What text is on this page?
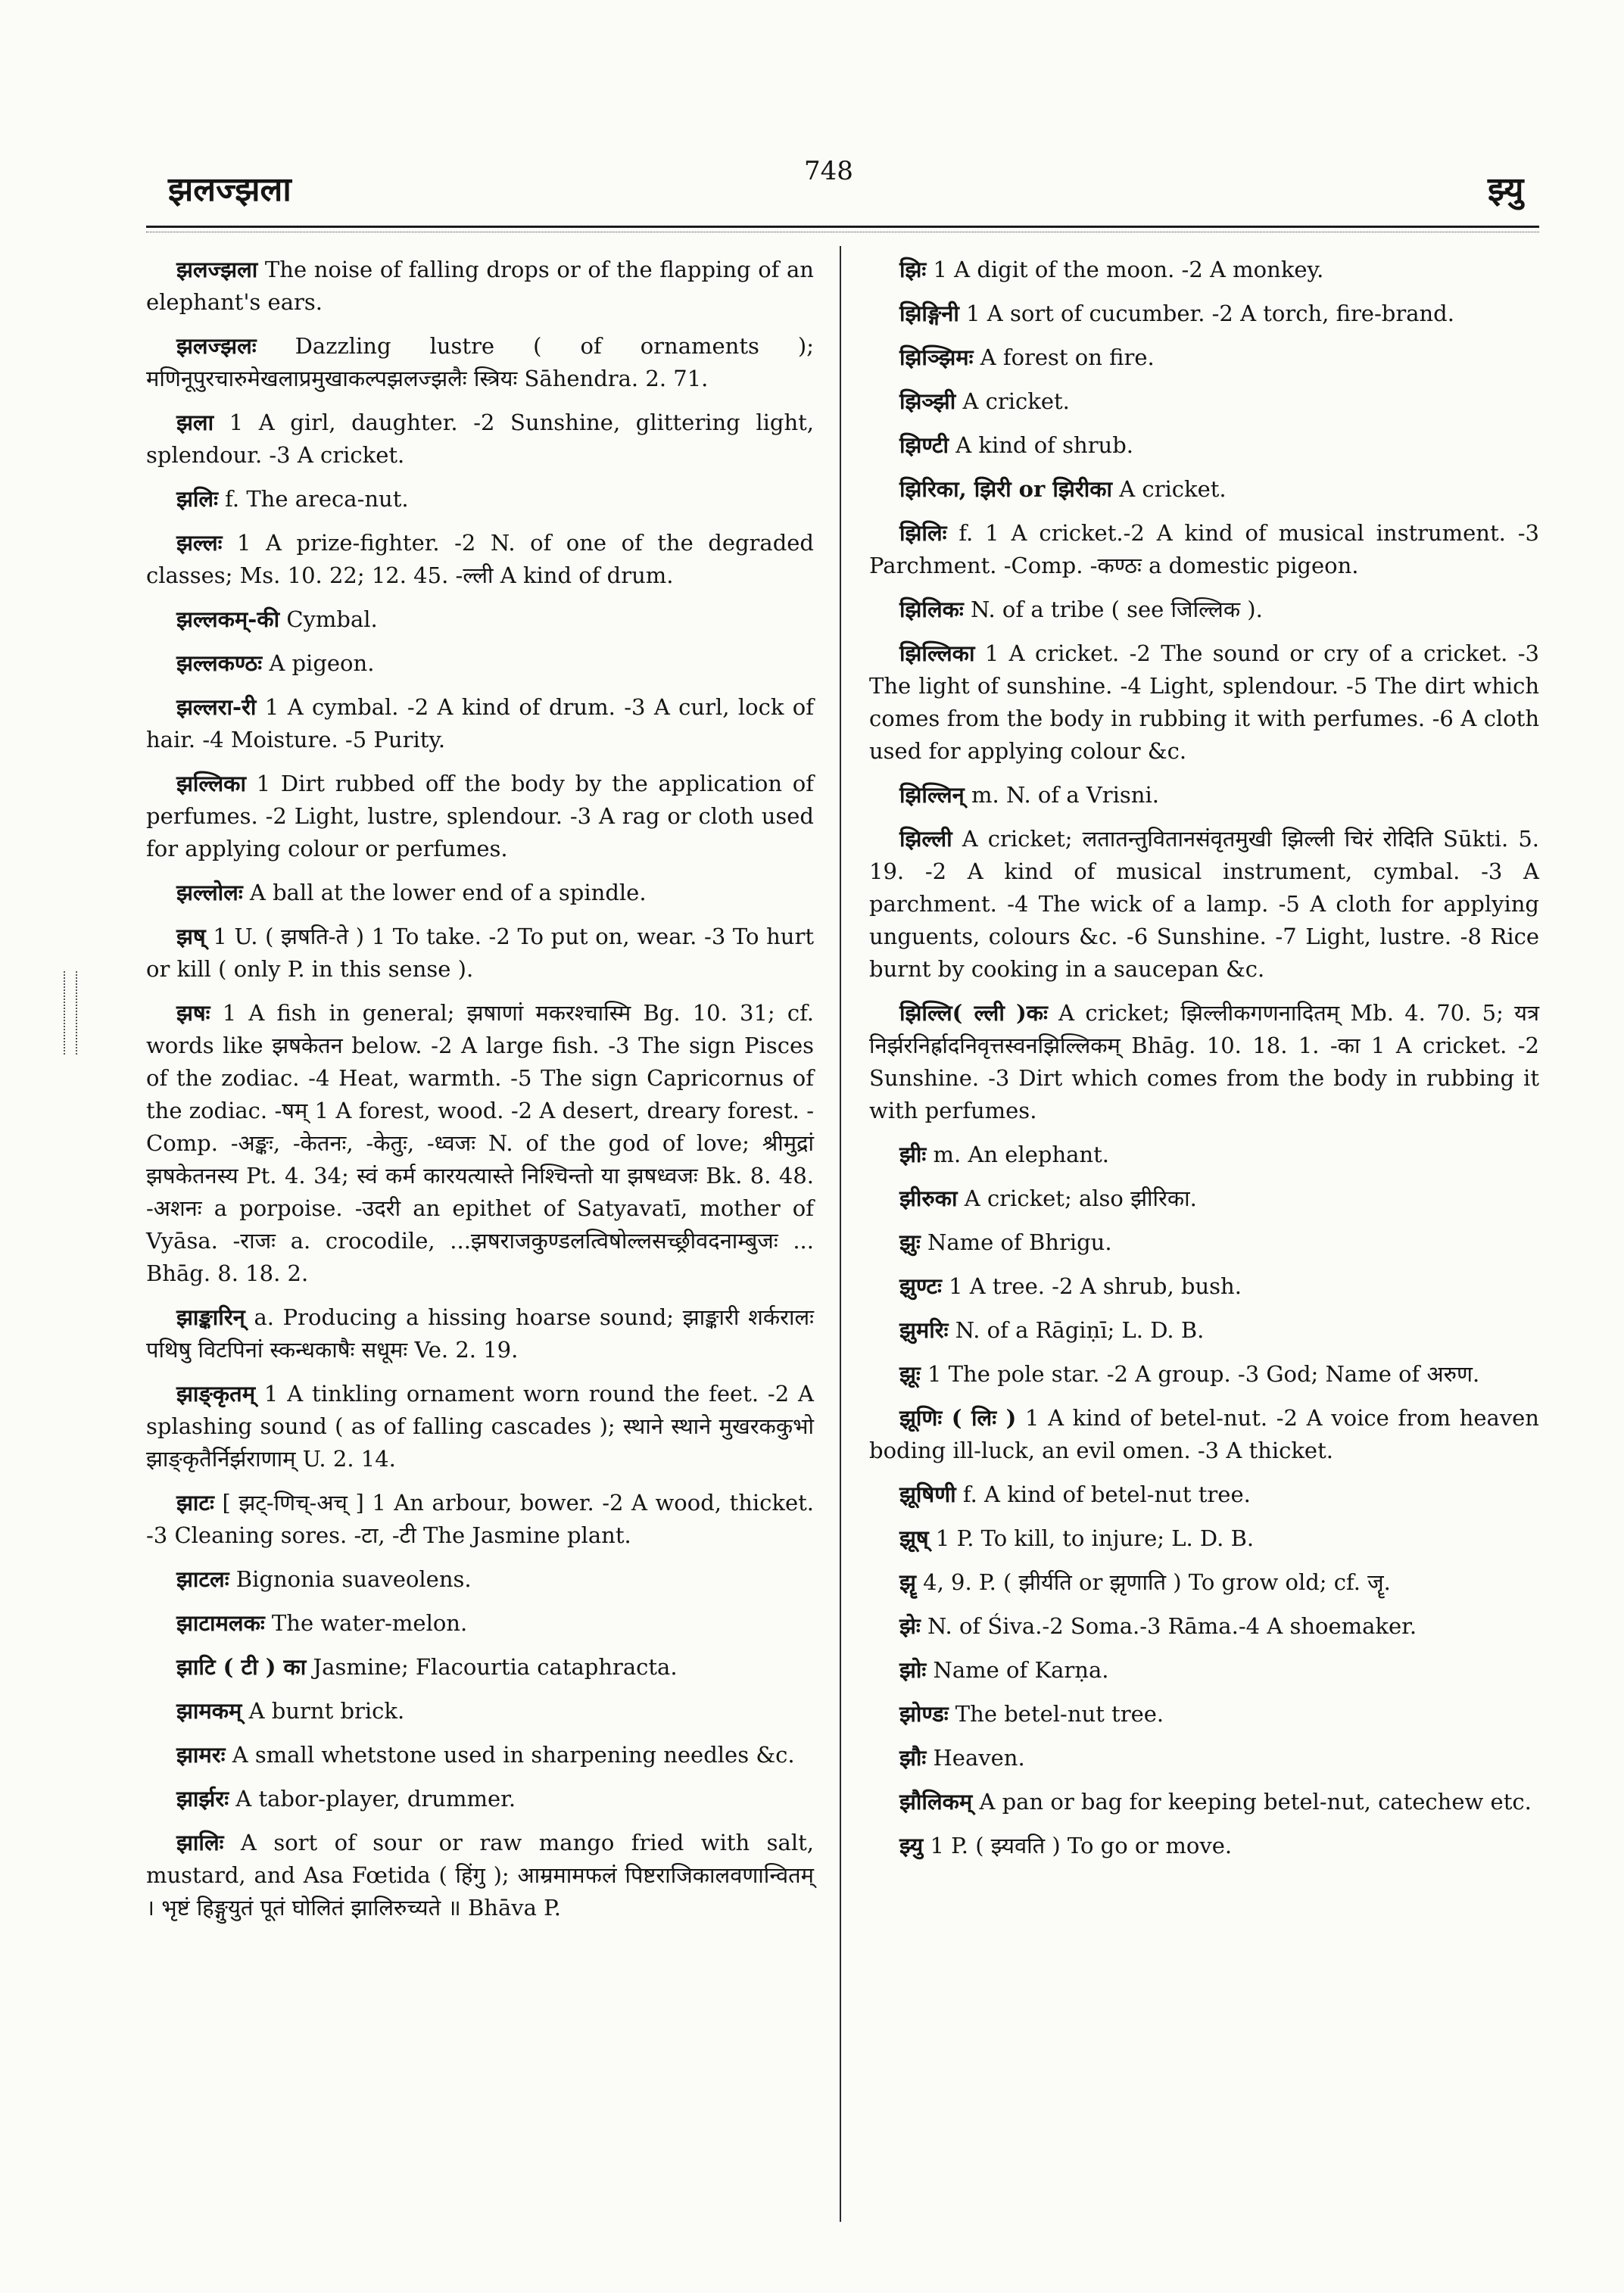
झलज्झला	748	झ्यु

झलज्झला The noise of falling drops or of the flapping of an elephant's ears.

झलज्झलः Dazzling lustre ( of ornaments ); मणिनूपुरचारुमेखलाप्रमुखाकल्पझलज्झलैः स्त्रियः Sāhendra. 2. 71.

झला 1 A girl, daughter. -2 Sunshine, glittering light, splendour. -3 A cricket.

झलिः f. The areca-nut.

झल्लः 1 A prize-fighter. -2 N. of one of the degraded classes; Ms. 10. 22; 12. 45. -ल्ली A kind of drum.

झल्लकम्-की Cymbal.

झल्लकण्ठः A pigeon.

झल्लरा-री 1 A cymbal. -2 A kind of drum. -3 A curl, lock of hair. -4 Moisture. -5 Purity.

झल्लिका 1 Dirt rubbed off the body by the application of perfumes. -2 Light, lustre, splendour. -3 A rag or cloth used for applying colour or perfumes.

झल्लोलः A ball at the lower end of a spindle.

झष् 1 U. ( झषति-ते ) 1 To take. -2 To put on, wear. -3 To hurt or kill ( only P. in this sense ).

झषः 1 A fish in general; झषाणां मकरश्चास्मि Bg. 10. 31; cf. words like झषकेतन below. -2 A large fish. -3 The sign Pisces of the zodiac. -4 Heat, warmth. -5 The sign Capricornus of the zodiac. -षम् 1 A forest, wood. -2 A desert, dreary forest. -Comp. -अङ्कः, -केतनः, -केतुः, -ध्वजः N. of the god of love; श्रीमुद्रां झषकेतनस्य Pt. 4. 34; स्वं कर्म कारयत्यास्ते निश्चिन्तो या झषध्वजः Bk. 8. 48. -अशनः a porpoise. -उदरी an epithet of Satyavatī, mother of Vyāsa. -राजः a. crocodile, ...झषराजकुण्डलत्विषोल्लसच्छ्रीवदनाम्बुजः ... Bhāg. 8. 18. 2.

झाङ्कारिन् a. Producing a hissing hoarse sound; झाङ्कारी शर्करालः पथिषु विटपिनां स्कन्धकाषैः सधूमः Ve. 2. 19.

झाङ्कृतम् 1 A tinkling ornament worn round the feet. -2 A splashing sound ( as of falling cascades ); स्थाने स्थाने मुखरककुभो झाङ्कृतैर्निर्झराणाम् U. 2. 14.

झाटः [ झट्-णिच्-अच् ] 1 An arbour, bower. -2 A wood, thicket. -3 Cleaning sores. -टा, -टी The Jasmine plant.

झाटलः Bignonia suaveolens.

झाटामलकः The water-melon.

झाटि ( टी ) का Jasmine; Flacourtia cataphracta.

झामकम् A burnt brick.

झामरः A small whetstone used in sharpening needles &c.

झार्झरः A tabor-player, drummer.

झालिः A sort of sour or raw mango fried with salt, mustard, and Asa Fœtida ( हिंगु ); आम्रमामफलं पिष्टराजिकालवणान्वितम् । भृष्टं हिङ्गुयुतं पूतं घोलितं झालिरुच्यते ॥ Bhāva P.

झिः 1 A digit of the moon. -2 A monkey.

झिङ्गिनी 1 A sort of cucumber. -2 A torch, fire-brand.

झिञ्झिमः A forest on fire.

झिञ्झी A cricket.

झिण्टी A kind of shrub.

झिरिका, झिरी or झिरीका A cricket.

झिलिः f. 1 A cricket.-2 A kind of musical instrument. -3 Parchment. -Comp. -कण्ठः a domestic pigeon.

झिलिकः N. of a tribe ( see जिल्लिक ).

झिल्लिका 1 A cricket. -2 The sound or cry of a cricket. -3 The light of sunshine. -4 Light, splendour. -5 The dirt which comes from the body in rubbing it with perfumes. -6 A cloth used for applying colour &c.

झिल्लिन् m. N. of a Vrisni.

झिल्ली A cricket; लतातन्तुवितानसंवृतमुखी झिल्ली चिरं रोदिति Sūkti. 5. 19. -2 A kind of musical instrument, cymbal. -3 A parchment. -4 The wick of a lamp. -5 A cloth for applying unguents, colours &c. -6 Sunshine. -7 Light, lustre. -8 Rice burnt by cooking in a saucepan &c.

झिल्लि( ल्ली )कः A cricket; झिल्लीकगणनादितम् Mb. 4. 70. 5; यत्र निर्झरनिर्ह्रादनिवृत्तस्वनझिल्लिकम् Bhāg. 10. 18. 1. -का 1 A cricket. -2 Sunshine. -3 Dirt which comes from the body in rubbing it with perfumes.

झीः m. An elephant.

झीरुका A cricket; also झीरिका.

झुः Name of Bhrigu.

झुण्टः 1 A tree. -2 A shrub, bush.

झुमरिः N. of a Rāgiṇī; L. D. B.

झूः 1 The pole star. -2 A group. -3 God; Name of अरुण.

झूणिः ( लिः ) 1 A kind of betel-nut. -2 A voice from heaven boding ill-luck, an evil omen. -3 A thicket.

झूषिणी f. A kind of betel-nut tree.

झूष् 1 P. To kill, to injure; L. D. B.

झॄ 4, 9. P. ( झीर्यति or झृणाति ) To grow old; cf. जॄ.

झेः N. of Śiva.-2 Soma.-3 Rāma.-4 A shoemaker.

झोः Name of Karṇa.

झोण्डः The betel-nut tree.

झौः Heaven.

झौलिकम् A pan or bag for keeping betel-nut, catechew etc.

झ्यु 1 P. ( झ्यवति ) To go or move.
